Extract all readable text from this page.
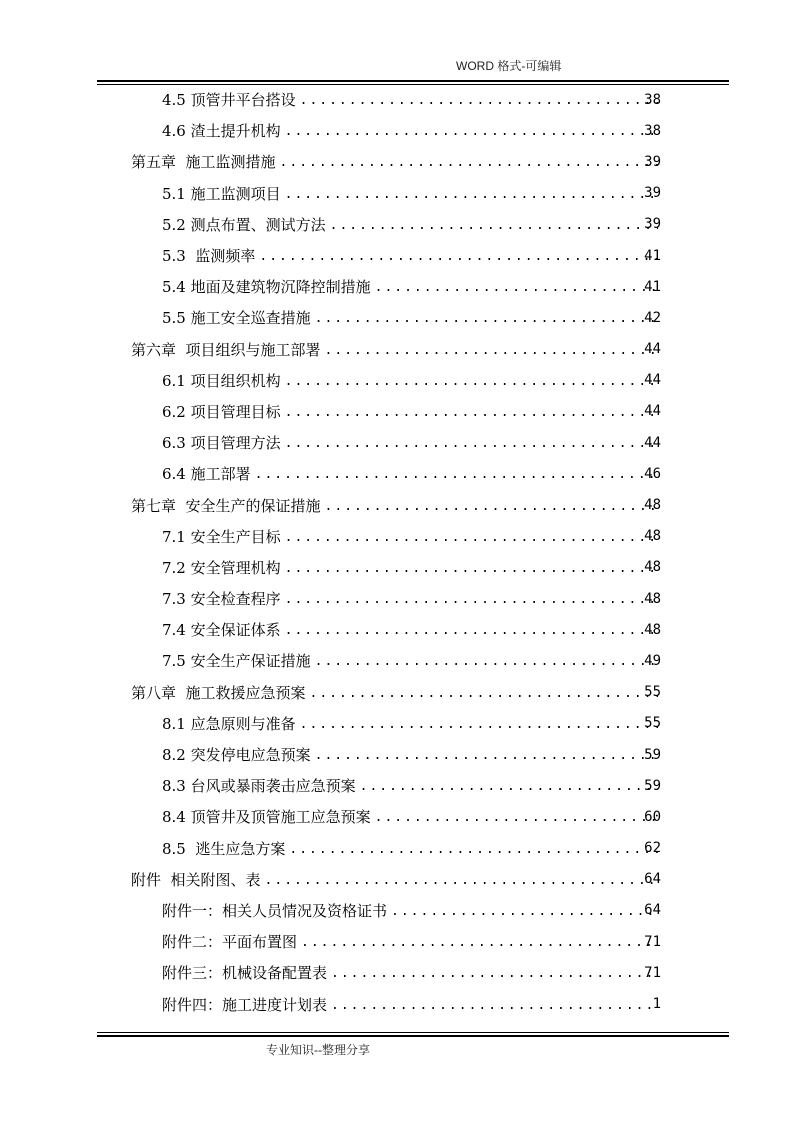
WORD 格式-可编辑
4.5 顶管井平台搭设 .....	38
4.6 渣土提升机构 .....	38
第五章  施工监测措施 .....	39
5.1 施工监测项目 .....	39
5.2 测点布置、测试方法 .....	39
5.3  监测频率 .....	41
5.4 地面及建筑物沉降控制措施 .....	41
5.5 施工安全巡查措施 .....	42
第六章  项目组织与施工部署 .....	44
6.1 项目组织机构 .....	44
6.2 项目管理目标 .....	44
6.3 项目管理方法 .....	44
6.4 施工部署 .....	46
第七章  安全生产的保证措施 .....	48
7.1 安全生产目标 .....	48
7.2 安全管理机构 .....	48
7.3 安全检查程序 .....	48
7.4 安全保证体系 .....	48
7.5 安全生产保证措施 .....	49
第八章  施工救援应急预案 .....	55
8.1 应急原则与准备 .....	55
8.2 突发停电应急预案 .....	59
8.3 台风或暴雨袭击应急预案 .....	59
8.4 顶管井及顶管施工应急预案 .....	60
8.5  逃生应急方案 .....	62
附件  相关附图、表 .....	64
附件一：相关人员情况及资格证书 .....	64
附件二：平面布置图 .....	71
附件三：机械设备配置表 .....	71
附件四：施工进度计划表 .....	1
专业知识--整理分享
